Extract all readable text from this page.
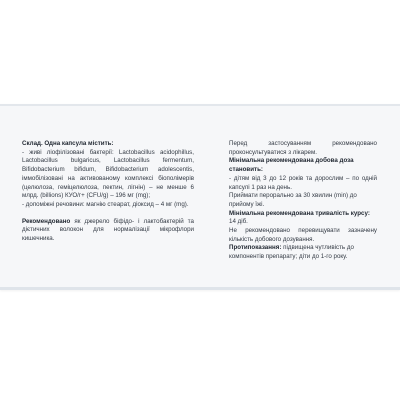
Склад. Одна капсула містить:

- живі ліофілізовані бактерії: Lactobacillus acidophillus, Lactobacillus bulgaricus, Lactobacillus fermentum, Bifidobacterium bifidum, Bifidobacterium adolescentis, іммобілізовані на активованому комплексі біополімерів (целюлоза, геміцелюлоза, пектин, лігнін) – не менше 6 млрд. (billions) КУО/г+ (CFU/g) – 196 мг (mg);

- допоміжні речовини: магнію стеарат, діоксид – 4 мг (mg).

Рекомендовано як джерело біфідо- і лактобактерій та дієтичних волокон для нормалізації мікрофлори кишечника.

Перед застосуванням рекомендовано проконсультуватися з лікарем.

Мінімальна рекомендована добова доза становить:

- дітям від 3 до 12 років та дорослим – по одній капсулі 1 раз на день.

Приймати перорально за 30 хвилин (min) до прийому їжі.

Мінімальна рекомендована тривалість курсу: 14 діб.

Не рекомендовано перевищувати зазначену кількість добового дозування.

Протипоказання: підвищена чутливість до компонентів препарату; діти до 1-го року.
